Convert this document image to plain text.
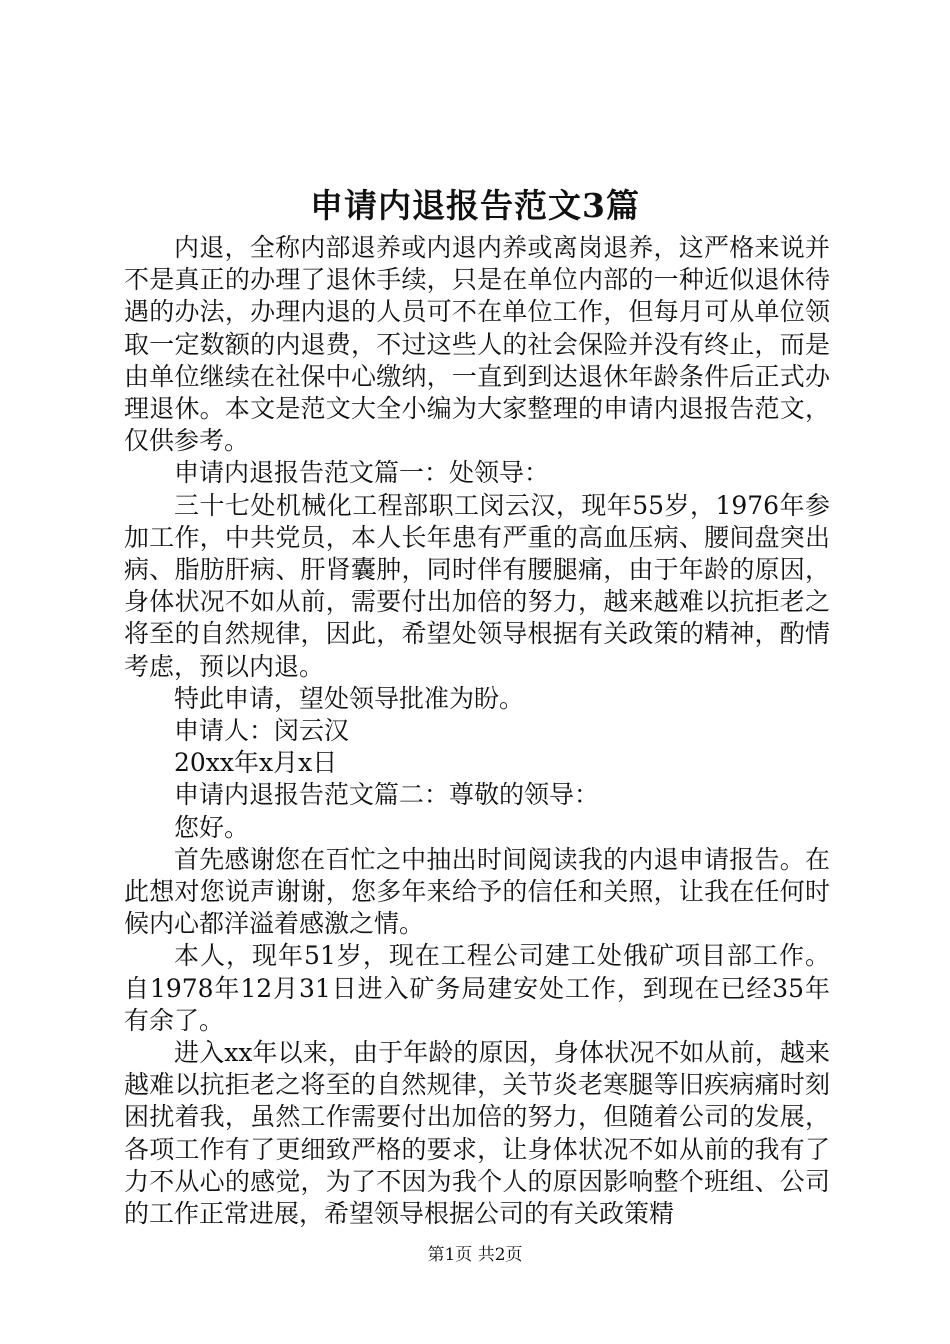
申请内退报告范文3篇

内退，全称内部退养或内退内养或离岗退养，这严格来说并不是真正的办理了退休手续，只是在单位内部的一种近似退休待遇的办法，办理内退的人员可不在单位工作，但每月可从单位领取一定数额的内退费，不过这些人的社会保险并没有终止，而是由单位继续在社保中心缴纳，一直到到达退休年龄条件后正式办理退休。本文是范文大全小编为大家整理的申请内退报告范文，仅供参考。

申请内退报告范文篇一：处领导：

三十七处机械化工程部职工闵云汉，现年55岁，1976年参加工作，中共党员，本人长年患有严重的高血压病、腰间盘突出病、脂肪肝病、肝肾囊肿，同时伴有腰腿痛，由于年龄的原因，身体状况不如从前，需要付出加倍的努力，越来越难以抗拒老之将至的自然规律，因此，希望处领导根据有关政策的精神，酌情考虑，预以内退。

特此申请，望处领导批准为盼。

申请人：闵云汉

20xx年x月x日

申请内退报告范文篇二：尊敬的领导：

您好。

首先感谢您在百忙之中抽出时间阅读我的内退申请报告。在此想对您说声谢谢，您多年来给予的信任和关照，让我在任何时候内心都洋溢着感激之情。

本人，现年51岁，现在工程公司建工处俄矿项目部工作。自1978年12月31日进入矿务局建安处工作，到现在已经35年有余了。

进入xx年以来，由于年龄的原因，身体状况不如从前，越来越难以抗拒老之将至的自然规律，关节炎老寒腿等旧疾病痛时刻困扰着我，虽然工作需要付出加倍的努力，但随着公司的发展，各项工作有了更细致严格的要求，让身体状况不如从前的我有了力不从心的感觉，为了不因为我个人的原因影响整个班组、公司的工作正常进展，希望领导根据公司的有关政策精

第1页 共2页
